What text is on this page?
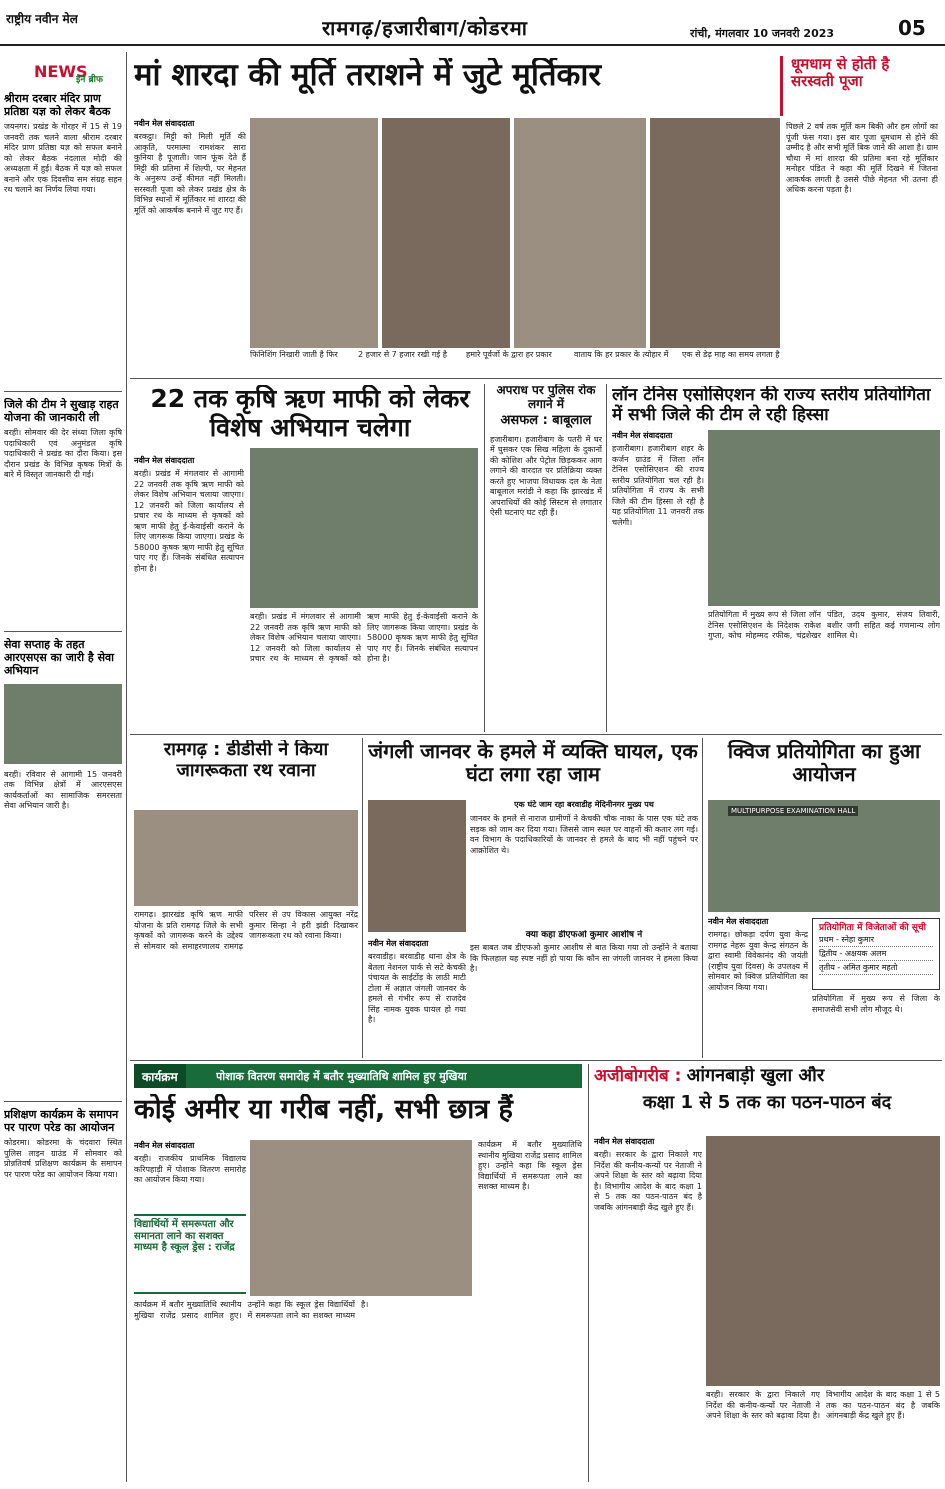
राष्ट्रीय नवीन मेल	रामगढ़/हजारीबाग/कोडरमा	रांची, मंगलवार 10 जनवरी 2023	05
NEWS
इन ब्रीफ
श्रीराम दरबार मंदिर प्राण प्रतिष्ठा यज्ञ को लेकर बैठक
जयनगर। प्रखंड के गोरहर में 15 से 19 जनवरी तक चलने वाला श्रीराम दरबार मंदिर प्राण प्रतिष्ठा यज्ञ को सफल बनाने को लेकर बैठक नंदलाल मोदी की अध्यक्षता में हुई। बैठक में यज्ञ को सफल बनाने और एक दिवसीय सम संग्रह सहन रथ चलाने का निर्णय लिया गया।
जिले की टीम ने सुखाड़ राहत योजना की जानकारी ली
बरही। सोमवार की देर संध्या जिला कृषि पदाधिकारी एवं अनुमंडल कृषि पदाधिकारी ने प्रखंड का दौरा किया। इस दौरान प्रखंड के विभिन्न कृषक मित्रों के बारे में विस्तृत जानकारी दी गई।
सेवा सप्ताह के तहत आरएसएस का जारी है सेवा अभियान
बरही। रविवार से आगामी 15 जनवरी तक विभिन्न क्षेत्रों में आरएसएस कार्यकर्ताओं का सामाजिक समरसता सेवा अभियान जारी है।
प्रशिक्षण कार्यक्रम के समापन पर पारण परेड का आयोजन
कोडरमा। कोडरमा के चंदवारा स्थित पुलिस लाइन ग्राउंड में सोमवार को प्रोन्नतिवर्ष प्रशिक्षण कार्यक्रम के समापन पर पारण परेड का आयोजन किया गया।
मां शारदा की मूर्ति तराशने में जुटे मूर्तिकार	धूमधाम से होती है सरस्वती पूजा
नवीन मेल संवाददाता
बरकट्ठा। मिट्टी को मिली मूर्ति की आकृति, परमात्मा रामशंकर सारा कुनिया है पूजाती। जान फूंक देते हैं मिट्टी की प्रतिमा में शिल्पी, पर मेहनत के अनुरूप उन्हें कीमत नहीं मिलती। सरस्वती पूजा को लेकर प्रखंड क्षेत्र के विभिन्न स्थानों में मूर्तिकार मां शारदा की मूर्ति को आकर्षक बनाने में जुट गए हैं।
फिनिशिंग निखारी जाती है फिर	2 हजार से 7 हजार रखी गई है	हमारे पूर्वजों के द्वारा हर प्रकार	वाताय कि हर प्रकार के त्योहार में	एक से डेढ़ माह का समय लगता है
पिछले 2 वर्ष तक मूर्ति कम बिकी और हम लोगों का पूंजी फंस गया। इस बार पूजा धूमधाम से होने की उम्मीद है और सभी मूर्ति बिक जाने की आशा है। ग्राम चौथा में मां शारदा की प्रतिमा बना रहे मूर्तिकार मनोहर पंडित ने कहा की मूर्ति दिखने में जितना आकर्षक लगती है उससे पीछे मेहनत भी उतना ही अधिक करना पड़ता है।
22 तक कृषि ऋण माफी को लेकर विशेष अभियान चलेगा
नवीन मेल संवाददाता
बरही। प्रखंड में मंगलवार से आगामी 22 जनवरी तक कृषि ऋण माफी को लेकर विशेष अभियान चलाया जाएगा। 12 जनवरी को जिला कार्यालय से प्रचार रथ के माध्यम से कृषकों को ऋण माफी हेतु ई-केवाईसी कराने के लिए जागरूक किया जाएगा। प्रखंड के 58000 कृषक ऋण माफी हेतु सूचित पाए गए हैं। जिनके संबंधित सत्यापन होना है।
बरही। प्रखंड में मंगलवार से आगामी 22 जनवरी तक कृषि ऋण माफी को लेकर विशेष अभियान चलाया जाएगा। 12 जनवरी को जिला कार्यालय से प्रचार रथ के माध्यम से कृषकों को ऋण माफी हेतु ई-केवाईसी कराने के लिए जागरूक किया जाएगा। प्रखंड के 58000 कृषक ऋण माफी हेतु सूचित पाए गए हैं। जिनके संबंधित सत्यापन होना है।
अपराध पर पुलिस रोक लगाने में
असफल : बाबूलाल
हजारीबाग। हजारीबाग के पतरी में घर में घुसकर एक सिख महिला के दुकानों की कोशिश और पेट्रोल छिड़ककर आग लगाने की वारदात पर प्रतिक्रिया व्यक्त करते हुए भाजपा विधायक दल के नेता बाबूलाल मरांडी ने कहा कि झारखंड में अपराधियों की कोई सिस्टम से लगातार ऐसी घटनाएं घट रही हैं।
लॉन टेनिस एसोसिएशन की राज्य स्तरीय प्रतियोगिता में सभी जिले की टीम ले रही हिस्सा
नवीन मेल संवाददाता
हजारीबाग। हजारीबाग शहर के कर्जन ग्राउंड में जिला लॉन टेनिस एसोसिएशन की राज्य स्तरीय प्रतियोगिता चल रही है। प्रतियोगिता में राज्य के सभी जिले की टीम हिस्सा ले रही है यह प्रतियोगिता 11 जनवरी तक चलेगी।
प्रतियोगिता में मुख्य रूप से जिला लॉन टेनिस एसोसिएशन के निदेशक राकेश गुप्ता, कोच मोहम्मद रफीक, चंद्रशेखर पंडित, उदय कुमार, संजय तिवारी, बशीर जगी सहित कई गणमान्य लोग शामिल थे।
रामगढ़ : डीडीसी ने किया जागरूकता रथ रवाना
रामगढ़। झारखंड कृषि ऋण माफी योजना के प्रति रामगढ़ जिले के सभी कृषकों को जागरूक करने के उद्देश्य से सोमवार को समाहरणालय रामगढ़ परिसर से उप विकास आयुक्त नरेंद्र कुमार सिन्हा ने हरी झंडी दिखाकर जागरूकता रथ को रवाना किया।
जंगली जानवर के हमले में व्यक्ति घायल, एक घंटा लगा रहा जाम
एक घंटे जाम रहा बरवाडीह मेदिनीनगर मुख्य पथ
जानवर के हमले से नाराज ग्रामीणों ने केचकी चौक नाका के पास एक घंटे तक सड़क को जाम कर दिया गया। जिससे जाम स्थल पर वाहनों की कतार लग गई। वन विभाग के पदाधिकारियों के जानवर से हमले के बाद भी नहीं पहुंचने पर आक्रोशित थे।
नवीन मेल संवाददाता
बरवाडीह। बरवाडीह थाना क्षेत्र के बेतला नेशनल पार्क से सटे केचकी पंचायत के साईटोंड़ के लाठी माटी टोला में अज्ञात जंगली जानवर के हमले से गंभीर रूप से राजदेव सिंह नामक युवक घायल हो गया है।
क्या कहा डीएफओ कुमार आशीष ने
इस बाबत जब डीएफओ कुमार आशीष से बात किया गया तो उन्होंने ने बताया कि फिलहाल यह स्पष्ट नहीं हो पाया कि कौन सा जंगली जानवर ने हमला किया है।
क्विज प्रतियोगिता का हुआ आयोजन
MULTIPURPOSE EXAMINATION HALL
नवीन मेल संवाददाता
रामगढ़। छोकड़ा दर्पण युवा केन्द्र रामगढ़ नेहरू युवा केन्द्र संगठन के द्वारा स्वामी विवेकानंद की जयंती (राष्ट्रीय युवा दिवस) के उपलक्ष्य में सोमवार को क्विज प्रतियोगिता का आयोजन किया गया।
प्रतियोगिता में विजेताओं की सूची
प्रथम - स्नेहा कुमार
द्वितीय - अक्षयक अलम
तृतीय - अमित कुमार महतो
प्रतियोगिता में मुख्य रूप से जिला के समाजसेवी सभी लोग मौजूद थे।
कार्यक्रम	पोशाक वितरण समारोह में बतौर मुख्यातिथि शामिल हुए मुखिया
कोई अमीर या गरीब नहीं, सभी छात्र हैं
नवीन मेल संवाददाता
बरही। राजकीय प्राथमिक विद्यालय करिपहाड़ी में पोशाक वितरण समारोह का आयोजन किया गया।
विद्यार्थियों में समरूपता और समानता लाने का सशक्त माध्यम है स्कूल ड्रेस : राजेंद्र
कार्यक्रम में बतौर मुख्यातिथि स्थानीय मुखिया राजेंद्र प्रसाद शामिल हुए। उन्होंने कहा कि स्कूल ड्रेस विद्यार्थियों में समरूपता लाने का सशक्त माध्यम है।
कार्यक्रम में बतौर मुख्यातिथि स्थानीय मुखिया राजेंद्र प्रसाद शामिल हुए। उन्होंने कहा कि स्कूल ड्रेस विद्यार्थियों में समरूपता लाने का सशक्त माध्यम है।
अजीबोगरीब : आंगनबाड़ी खुला और
कक्षा 1 से 5 तक का पठन-पाठन बंद
नवीन मेल संवाददाता
बरही। सरकार के द्वारा निकाले गए निर्देश की कनीय-कन्यों पर नेताजी ने अपने शिक्षा के स्तर को बढ़ावा दिया है। विभागीय आदेश के बाद कक्षा 1 से 5 तक का पठन-पाठन बंद है जबकि आंगनबाड़ी केंद्र खुले हुए हैं।
बरही। सरकार के द्वारा निकाले गए निर्देश की कनीय-कन्यों पर नेताजी ने अपने शिक्षा के स्तर को बढ़ावा दिया है। विभागीय आदेश के बाद कक्षा 1 से 5 तक का पठन-पाठन बंद है जबकि आंगनबाड़ी केंद्र खुले हुए हैं।
